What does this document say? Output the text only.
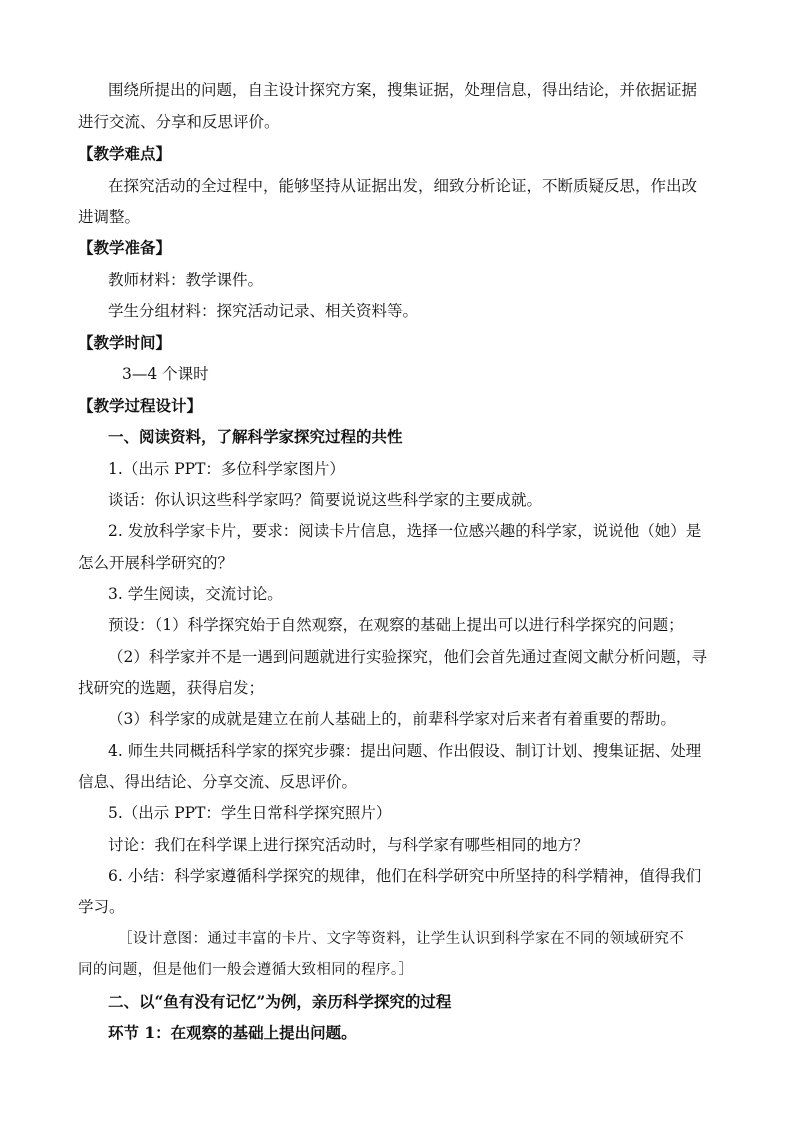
围绕所提出的问题，自主设计探究方案，搜集证据，处理信息，得出结论，并依据证据
进行交流、分享和反思评价。
【教学难点】
在探究活动的全过程中，能够坚持从证据出发，细致分析论证，不断质疑反思，作出改
进调整。
【教学准备】
教师材料：教学课件。
学生分组材料：探究活动记录、相关资料等。
【教学时间】
3—4 个课时
【教学过程设计】
一、阅读资料，了解科学家探究过程的共性
1.（出示 PPT：多位科学家图片）
谈话：你认识这些科学家吗？简要说说这些科学家的主要成就。
2. 发放科学家卡片，要求：阅读卡片信息，选择一位感兴趣的科学家，说说他（她）是
怎么开展科学研究的？
3. 学生阅读，交流讨论。
预设：（1）科学探究始于自然观察，在观察的基础上提出可以进行科学探究的问题；
（2）科学家并不是一遇到问题就进行实验探究，他们会首先通过查阅文献分析问题，寻
找研究的选题，获得启发；
（3）科学家的成就是建立在前人基础上的，前辈科学家对后来者有着重要的帮助。
4. 师生共同概括科学家的探究步骤：提出问题、作出假设、制订计划、搜集证据、处理
信息、得出结论、分享交流、反思评价。
5.（出示 PPT：学生日常科学探究照片）
讨论：我们在科学课上进行探究活动时，与科学家有哪些相同的地方？
6. 小结：科学家遵循科学探究的规律，他们在科学研究中所坚持的科学精神，值得我们
学习。
［设计意图：通过丰富的卡片、文字等资料，让学生认识到科学家在不同的领域研究不
同的问题，但是他们一般会遵循大致相同的程序。］
二、以“鱼有没有记忆”为例，亲历科学探究的过程
环节 1：在观察的基础上提出问题。
